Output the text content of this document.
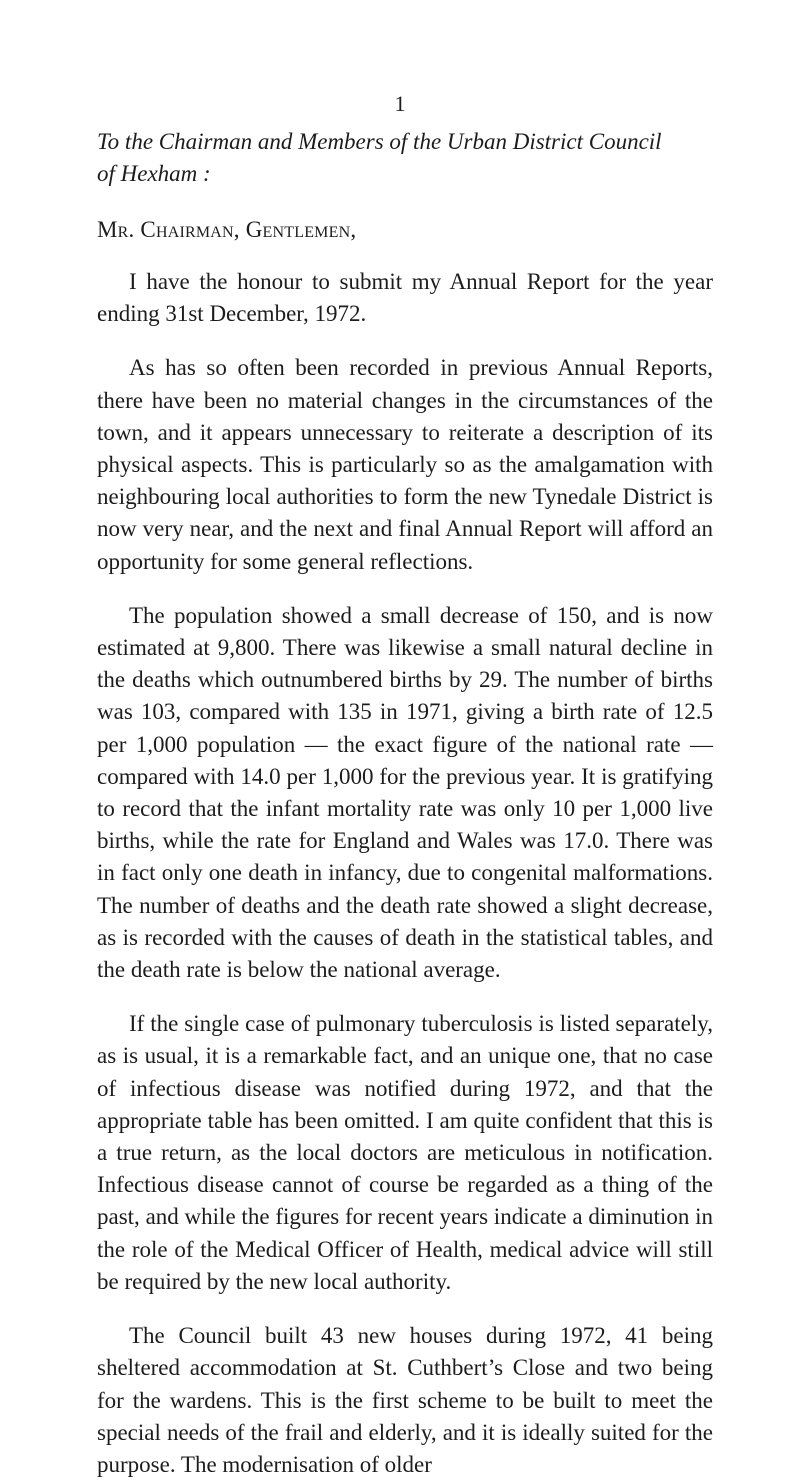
1

To the Chairman and Members of the Urban District Council
of Hexham :

Mr. Chairman, Gentlemen,

I have the honour to submit my Annual Report for the year ending 31st December, 1972.

As has so often been recorded in previous Annual Reports, there have been no material changes in the circumstances of the town, and it appears unnecessary to reiterate a description of its physical aspects. This is particularly so as the amalgamation with neighbouring local authorities to form the new Tynedale District is now very near, and the next and final Annual Report will afford an opportunity for some general reflections.

The population showed a small decrease of 150, and is now estimated at 9,800. There was likewise a small natural decline in the deaths which outnumbered births by 29. The number of births was 103, compared with 135 in 1971, giving a birth rate of 12.5 per 1,000 population — the exact figure of the national rate — compared with 14.0 per 1,000 for the previous year. It is gratifying to record that the infant mortality rate was only 10 per 1,000 live births, while the rate for England and Wales was 17.0. There was in fact only one death in infancy, due to congenital malformations. The number of deaths and the death rate showed a slight decrease, as is recorded with the causes of death in the statistical tables, and the death rate is below the national average.

If the single case of pulmonary tuberculosis is listed separately, as is usual, it is a remarkable fact, and an unique one, that no case of infectious disease was notified during 1972, and that the appropriate table has been omitted. I am quite confident that this is a true return, as the local doctors are meticulous in notification. Infectious disease cannot of course be regarded as a thing of the past, and while the figures for recent years indicate a diminution in the role of the Medical Officer of Health, medical advice will still be required by the new local authority.

The Council built 43 new houses during 1972, 41 being sheltered accommodation at St. Cuthbert’s Close and two being for the wardens. This is the first scheme to be built to meet the special needs of the frail and elderly, and it is ideally suited for the purpose. The modernisation of older
